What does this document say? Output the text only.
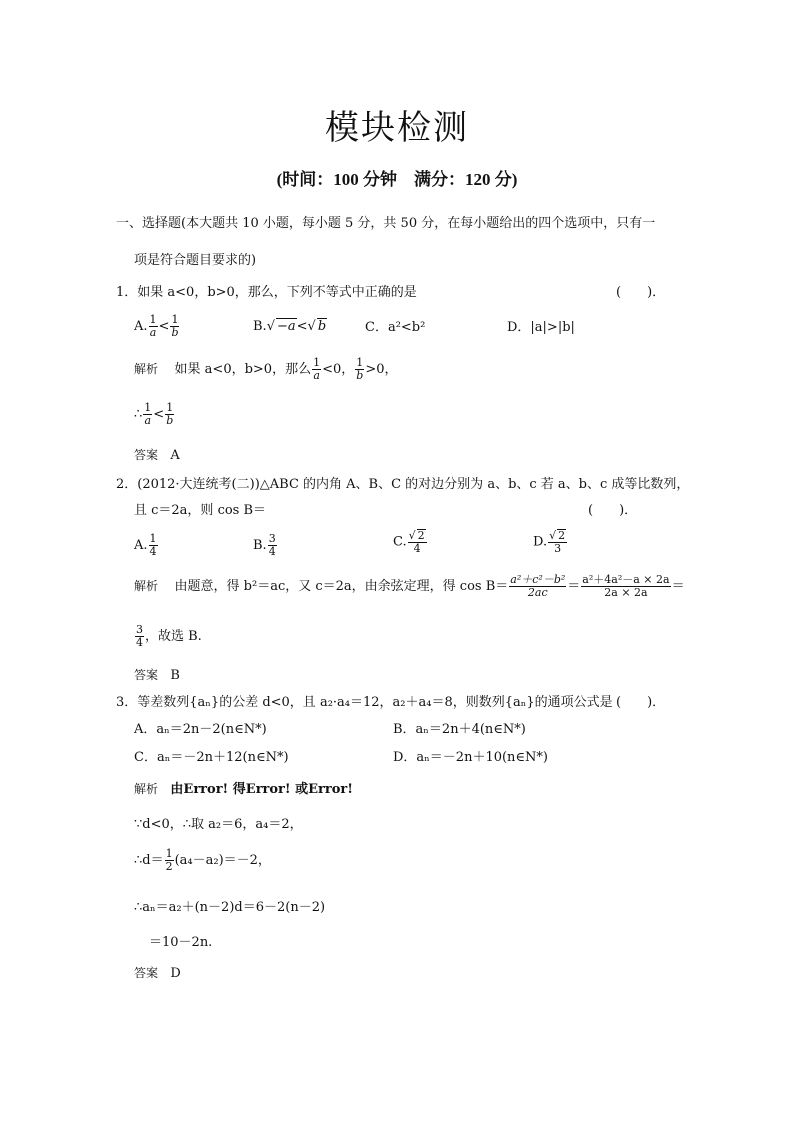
模块检测
(时间：100 分钟　满分：120 分)
一、选择题(本大题共 10 小题，每小题 5 分，共 50 分，在每小题给出的四个选项中，只有一
项是符合题目要求的)
1．如果 a<0，b>0，那么，下列不等式中正确的是	(　　)．
A. $\frac{1}{a} < \frac{1}{b}$	B.√ −a<√ b	C．a²<b²	D．|a|>|b|
解析 如果 a<0，b>0，那么 $\frac{1}{a} <0$， $\frac{1}{b} >0$，
∴ $\frac{1}{a} < \frac{1}{b}$
答案 A
2．(2012·大连统考(二))△ABC 的内角 A、B、C 的对边分别为 a、b、c 若 a、b、c 成等比数列，
且 c＝2a，则 cos B＝	(　　)．
A. $\frac{1}{4}$	B. $\frac{3}{4}$	C. $\frac{√ 2}{4}$	D. $\frac{√ 2}{3}$
解析 由题意，得 b²＝ac，又 c＝2a，由余弦定理，得 $\cos B= \frac{\text{a²＋c²－b²}}{2ac} = \frac{\text{a²＋4a²－a × 2a}}{2a \times 2a}$ ＝
$\frac{3}{4}$ ，故选 B.
答案 B
3．等差数列{aₙ}的公差 d<0，且 a₂·a₄＝12，a₂＋a₄＝8，则数列{aₙ}的通项公式是 (　　)．
A．aₙ＝2n－2(n∈N*)	B．aₙ＝2n＋4(n∈N*)
C．aₙ＝－2n＋12(n∈N*)	D．aₙ＝－2n＋10(n∈N*)
解析 由Error! 得Error! 或Error!
∵d<0，∴取 a₂＝6，a₄＝2，
∴d＝ $\frac{1}{2} (a_4-a_2)=-2$，
∴aₙ＝a₂＋(n－2)d＝6－2(n－2)
＝10－2n.
答案 D
